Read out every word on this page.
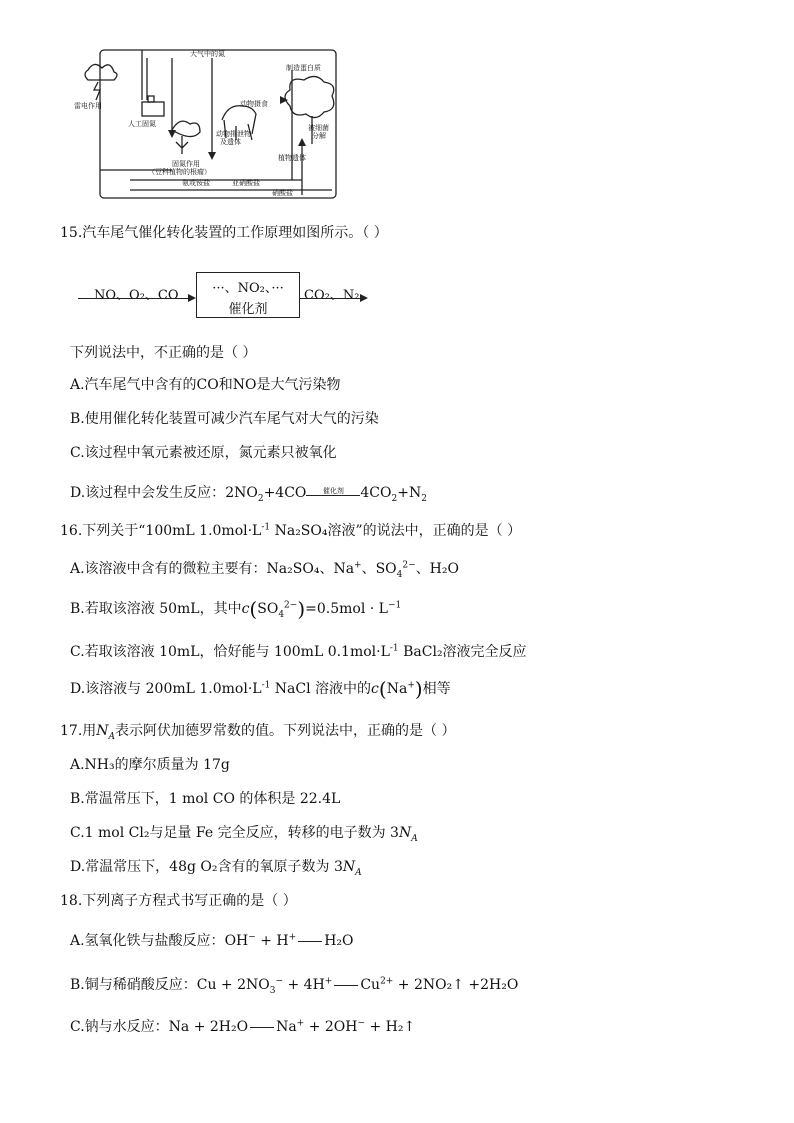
大气中的氮
雷电作用
人工固氮
固氮作用
（豆科植物的根瘤）
动物摄食
制造蛋白质
动物排泄物
及遗体
植物遗体
被细菌
分解
氨或铵盐	亚硝酸盐
硝酸盐
15.汽车尾气催化转化装置的工作原理如图所示。（ ）
NO、O₂、CO	···、NO₂、···
催化剂
CO₂、N₂
下列说法中，不正确的是（ ）
A.汽车尾气中含有的CO和NO是大气污染物
B.使用催化转化装置可减少汽车尾气对大气的污染
C.该过程中氧元素被还原，氮元素只被氧化
D.该过程中会发生反应：$2NO_2+4CO$	催化剂	$4CO_2+N_2$
16.下列关于“100mL $1.0mol\cdot L^{-1}$ Na₂SO₄溶液”的说法中，正确的是（ ）
A.该溶液中含有的微粒主要有：Na₂SO₄、Na+、$SO_4^{2-}$、H₂O
B.若取该溶液 50mL，其中$c(SO_4^{2-})=0.5mol \cdot L^{-1}$
C.若取该溶液 10mL，恰好能与 100mL $0.1mol\cdot L^{-1}$ BaCl₂溶液完全反应
D.该溶液与 200mL $1.0mol\cdot L^{-1}$ NaCl 溶液中的c(Na+)相等
17.用$N_A$表示阿伏加德罗常数的值。下列说法中，正确的是（ ）
A.NH₃的摩尔质量为 17g
B.常温常压下，1 mol CO 的体积是 22.4L
C.1 mol Cl₂与足量 Fe 完全反应，转移的电子数为 $3N_A$
D.常温常压下，48g O₂含有的氧原子数为 $3N_A$
18.下列离子方程式书写正确的是（ ）
A.氢氧化铁与盐酸反应：OH− + H+ H₂O
B.铜与稀硝酸反应：$Cu + 2NO_3^- + 4H^+$ $Cu^{2+}$ + 2NO₂↑ +2H₂O
C.钠与水反应：Na + 2H₂O Na+ + 2OH− + H₂↑
